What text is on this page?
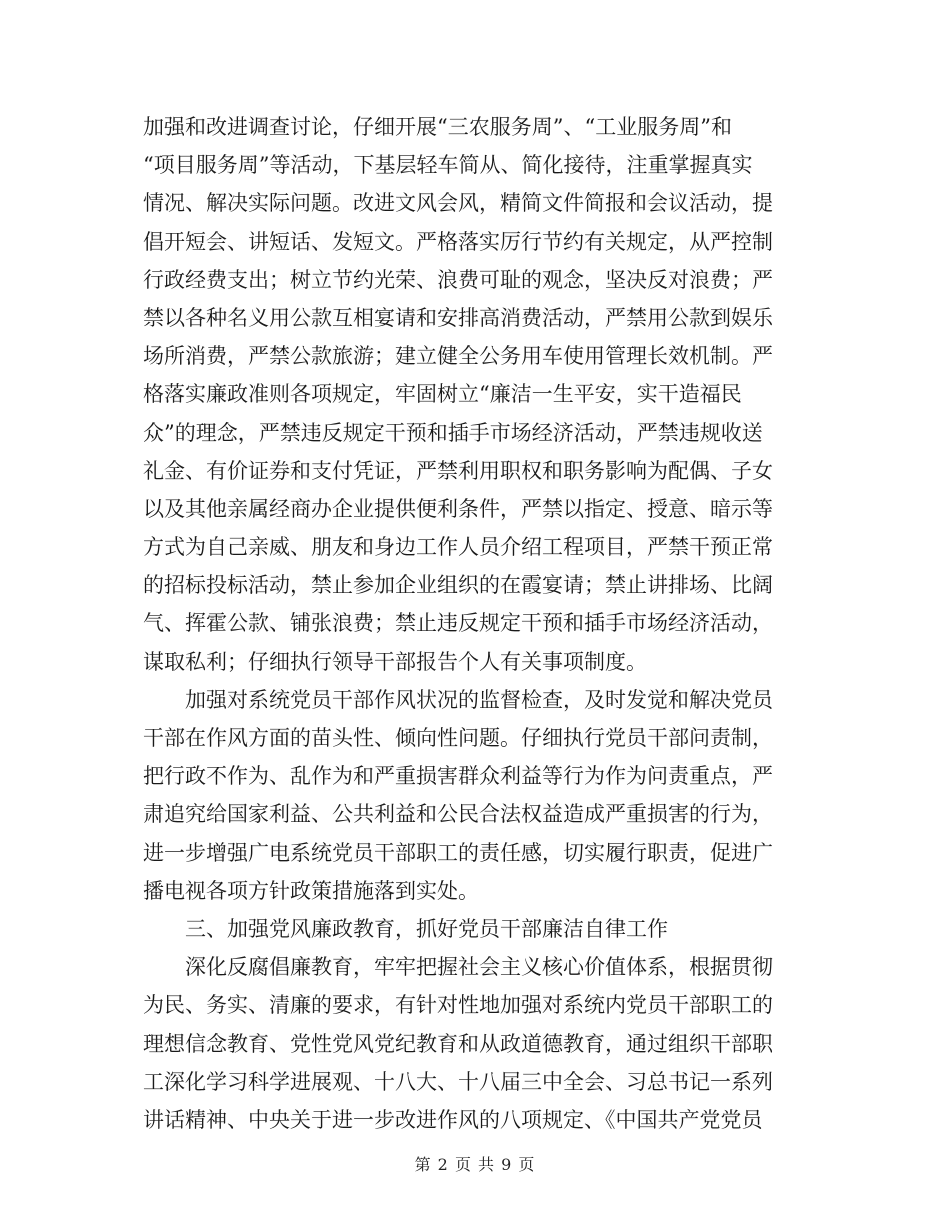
加强和改进调查讨论，仔细开展“三农服务周”、“工业服务周”和
“项目服务周”等活动，下基层轻车简从、简化接待，注重掌握真实
情况、解决实际问题。改进文风会风，精简文件简报和会议活动，提
倡开短会、讲短话、发短文。严格落实厉行节约有关规定，从严控制
行政经费支出；树立节约光荣、浪费可耻的观念，坚决反对浪费；严
禁以各种名义用公款互相宴请和安排高消费活动，严禁用公款到娱乐
场所消费，严禁公款旅游；建立健全公务用车使用管理长效机制。严
格落实廉政准则各项规定，牢固树立“廉洁一生平安，实干造福民
众”的理念，严禁违反规定干预和插手市场经济活动，严禁违规收送
礼金、有价证券和支付凭证，严禁利用职权和职务影响为配偶、子女
以及其他亲属经商办企业提供便利条件，严禁以指定、授意、暗示等
方式为自己亲威、朋友和身边工作人员介绍工程项目，严禁干预正常
的招标投标活动，禁止参加企业组织的在霞宴请；禁止讲排场、比阔
气、挥霍公款、铺张浪费；禁止违反规定干预和插手市场经济活动，
谋取私利；仔细执行领导干部报告个人有关事项制度。
　　加强对系统党员干部作风状况的监督检查，及时发觉和解决党员
干部在作风方面的苗头性、倾向性问题。仔细执行党员干部问责制，
把行政不作为、乱作为和严重损害群众利益等行为作为问责重点，严
肃追究给国家利益、公共利益和公民合法权益造成严重损害的行为，
进一步增强广电系统党员干部职工的责任感，切实履行职责，促进广
播电视各项方针政策措施落到实处。
　　三、加强党风廉政教育，抓好党员干部廉洁自律工作
　　深化反腐倡廉教育，牢牢把握社会主义核心价值体系，根据贯彻
为民、务实、清廉的要求，有针对性地加强对系统内党员干部职工的
理想信念教育、党性党风党纪教育和从政道德教育，通过组织干部职
工深化学习科学进展观、十八大、十八届三中全会、习总书记一系列
讲话精神、中央关于进一步改进作风的八项规定、《中国共产党党员
第 2 页 共 9 页
